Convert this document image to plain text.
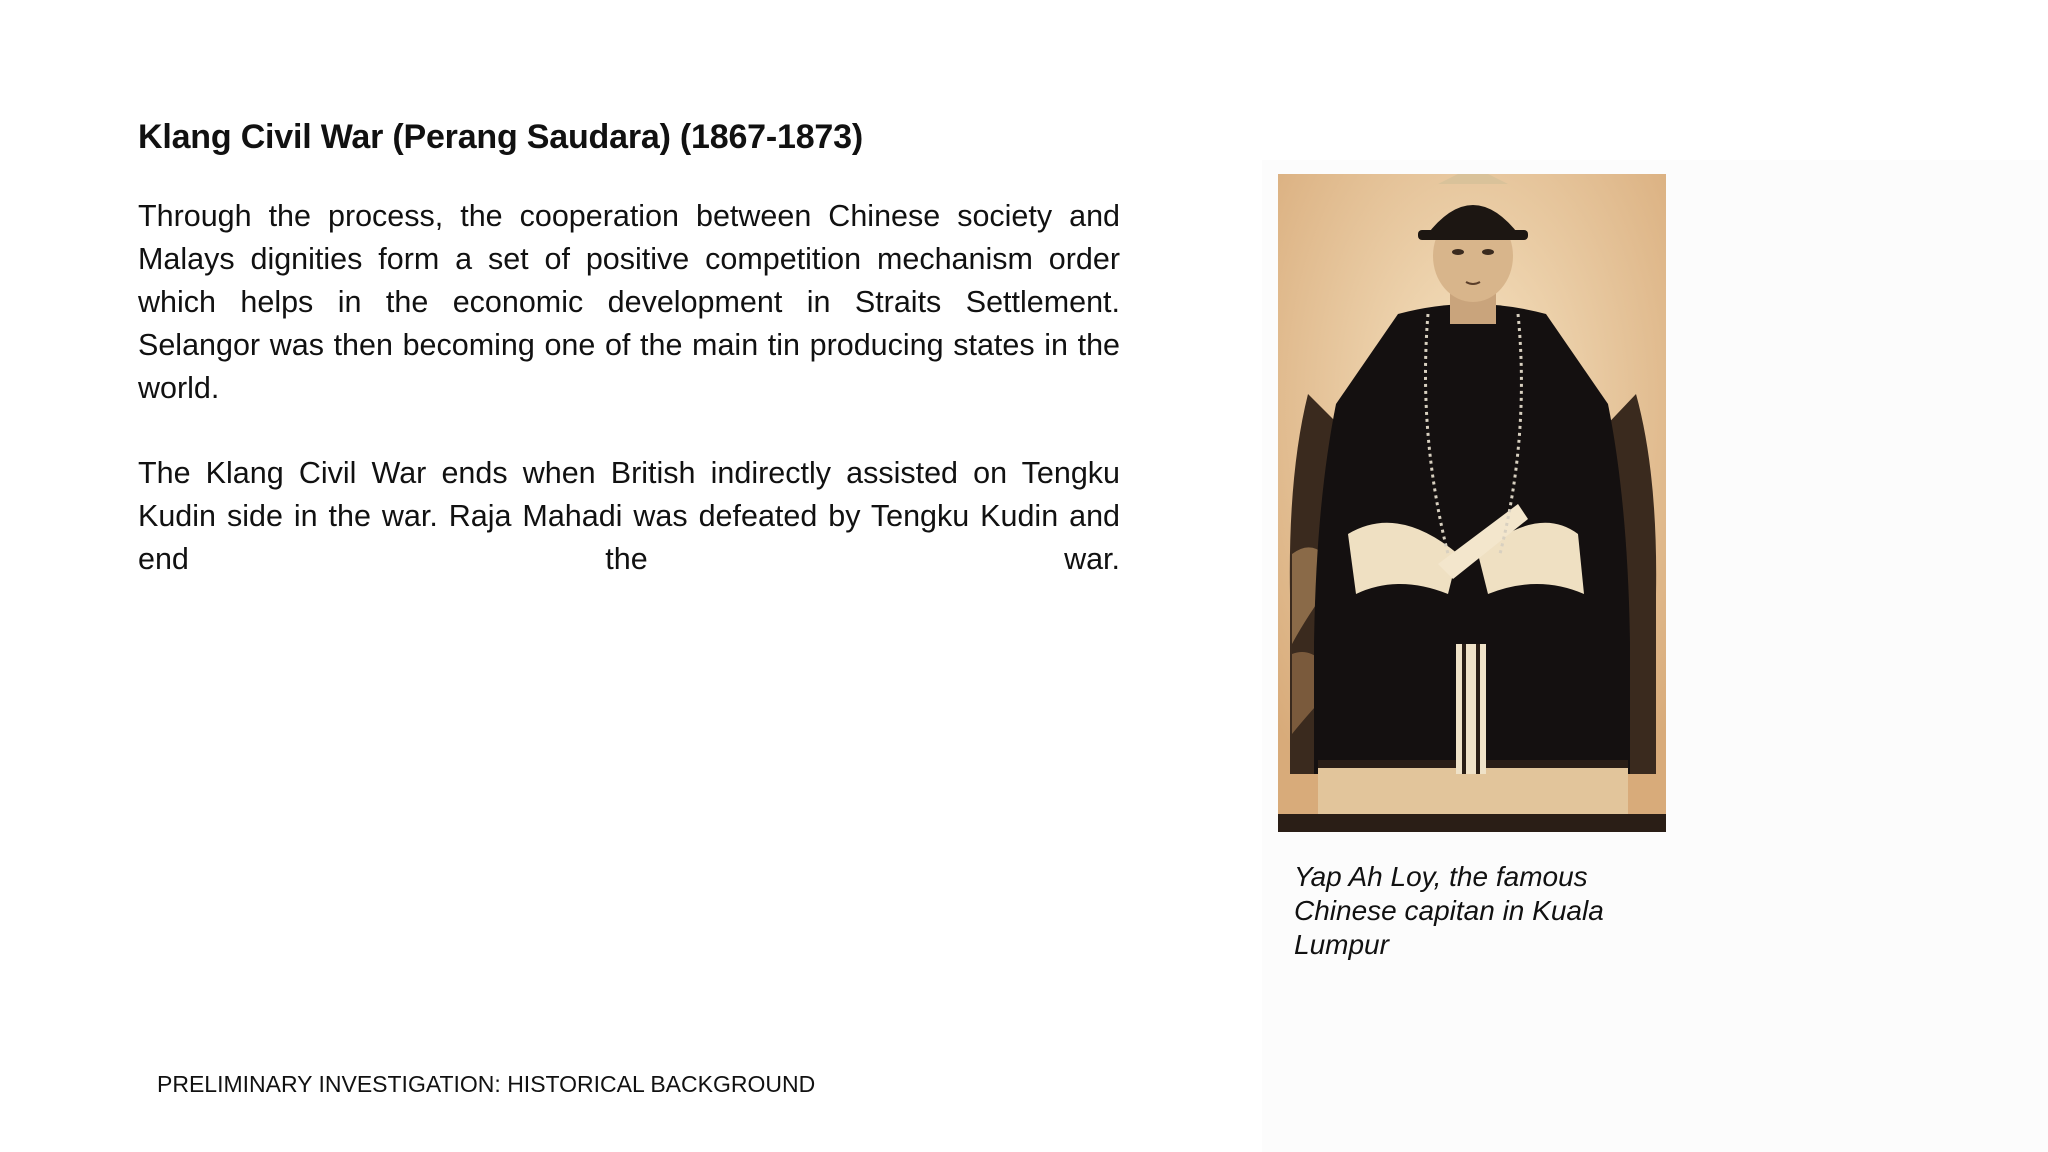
Klang Civil War (Perang Saudara) (1867-1873)

Through the process, the cooperation between Chinese society and Malays dignities form a set of positive competition mechanism order which helps in the economic development in Straits Settlement. Selangor was then becoming one of the main tin producing states in the world.

The Klang Civil War ends when British indirectly assisted on Tengku Kudin side in the war. Raja Mahadi was defeated by Tengku Kudin and end the war.

Yap Ah Loy, the famous Chinese capitan in Kuala Lumpur

PRELIMINARY INVESTIGATION: HISTORICAL BACKGROUND
